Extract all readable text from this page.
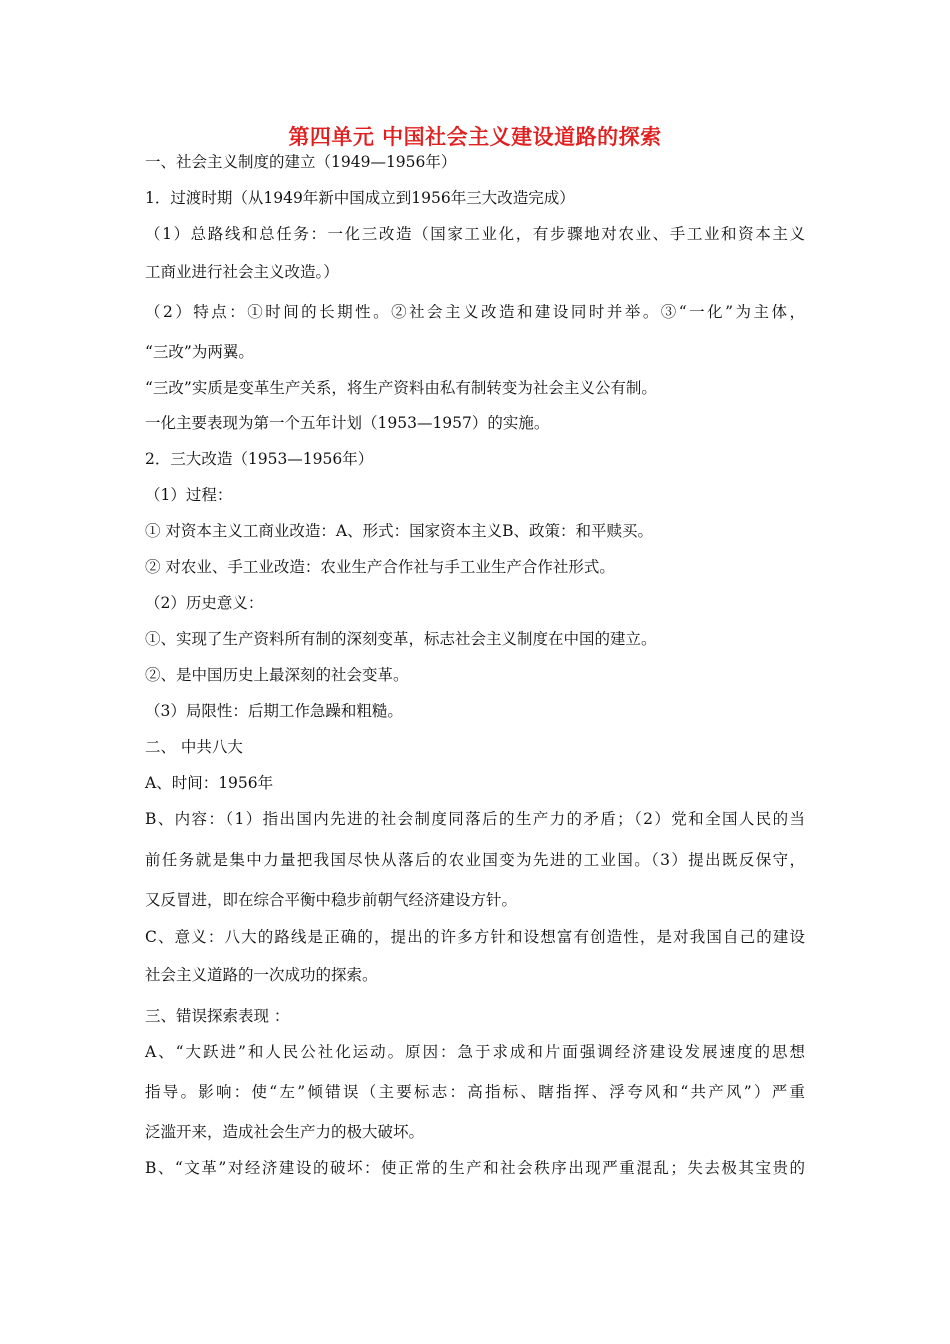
第四单元 中国社会主义建设道路的探索
一、社会主义制度的建立（1949—1956年）
1．过渡时期（从1949年新中国成立到1956年三大改造完成）
（1）总路线和总任务：一化三改造（国家工业化，有步骤地对农业、手工业和资本主义
工商业进行社会主义改造。）
（2）特点：①时间的长期性。②社会主义改造和建设同时并举。③“一化”为主体，
“三改”为两翼。
“三改”实质是变革生产关系，将生产资料由私有制转变为社会主义公有制。
一化主要表现为第一个五年计划（1953—1957）的实施。
2．三大改造（1953—1956年）
（1）过程：
① 对资本主义工商业改造：A、形式：国家资本主义B、政策：和平赎买。
② 对农业、手工业改造：农业生产合作社与手工业生产合作社形式。
（2）历史意义：
①、实现了生产资料所有制的深刻变革，标志社会主义制度在中国的建立。
②、是中国历史上最深刻的社会变革。
（3）局限性：后期工作急躁和粗糙。
二、 中共八大
A、时间：1956年
B、内容：（1）指出国内先进的社会制度同落后的生产力的矛盾；（2）党和全国人民的当
前任务就是集中力量把我国尽快从落后的农业国变为先进的工业国。（3）提出既反保守，
又反冒进，即在综合平衡中稳步前朝气经济建设方针。
C、意义：八大的路线是正确的，提出的许多方针和设想富有创造性，是对我国自己的建设
社会主义道路的一次成功的探索。
三、错误探索表现 ：
A、“大跃进”和人民公社化运动。原因：急于求成和片面强调经济建设发展速度的思想
指导。影响：使“左”倾错误（主要标志：高指标、瞎指挥、浮夸风和“共产风”）严重
泛滥开来，造成社会生产力的极大破坏。
B、“文革”对经济建设的破坏：使正常的生产和社会秩序出现严重混乱；失去极其宝贵的
